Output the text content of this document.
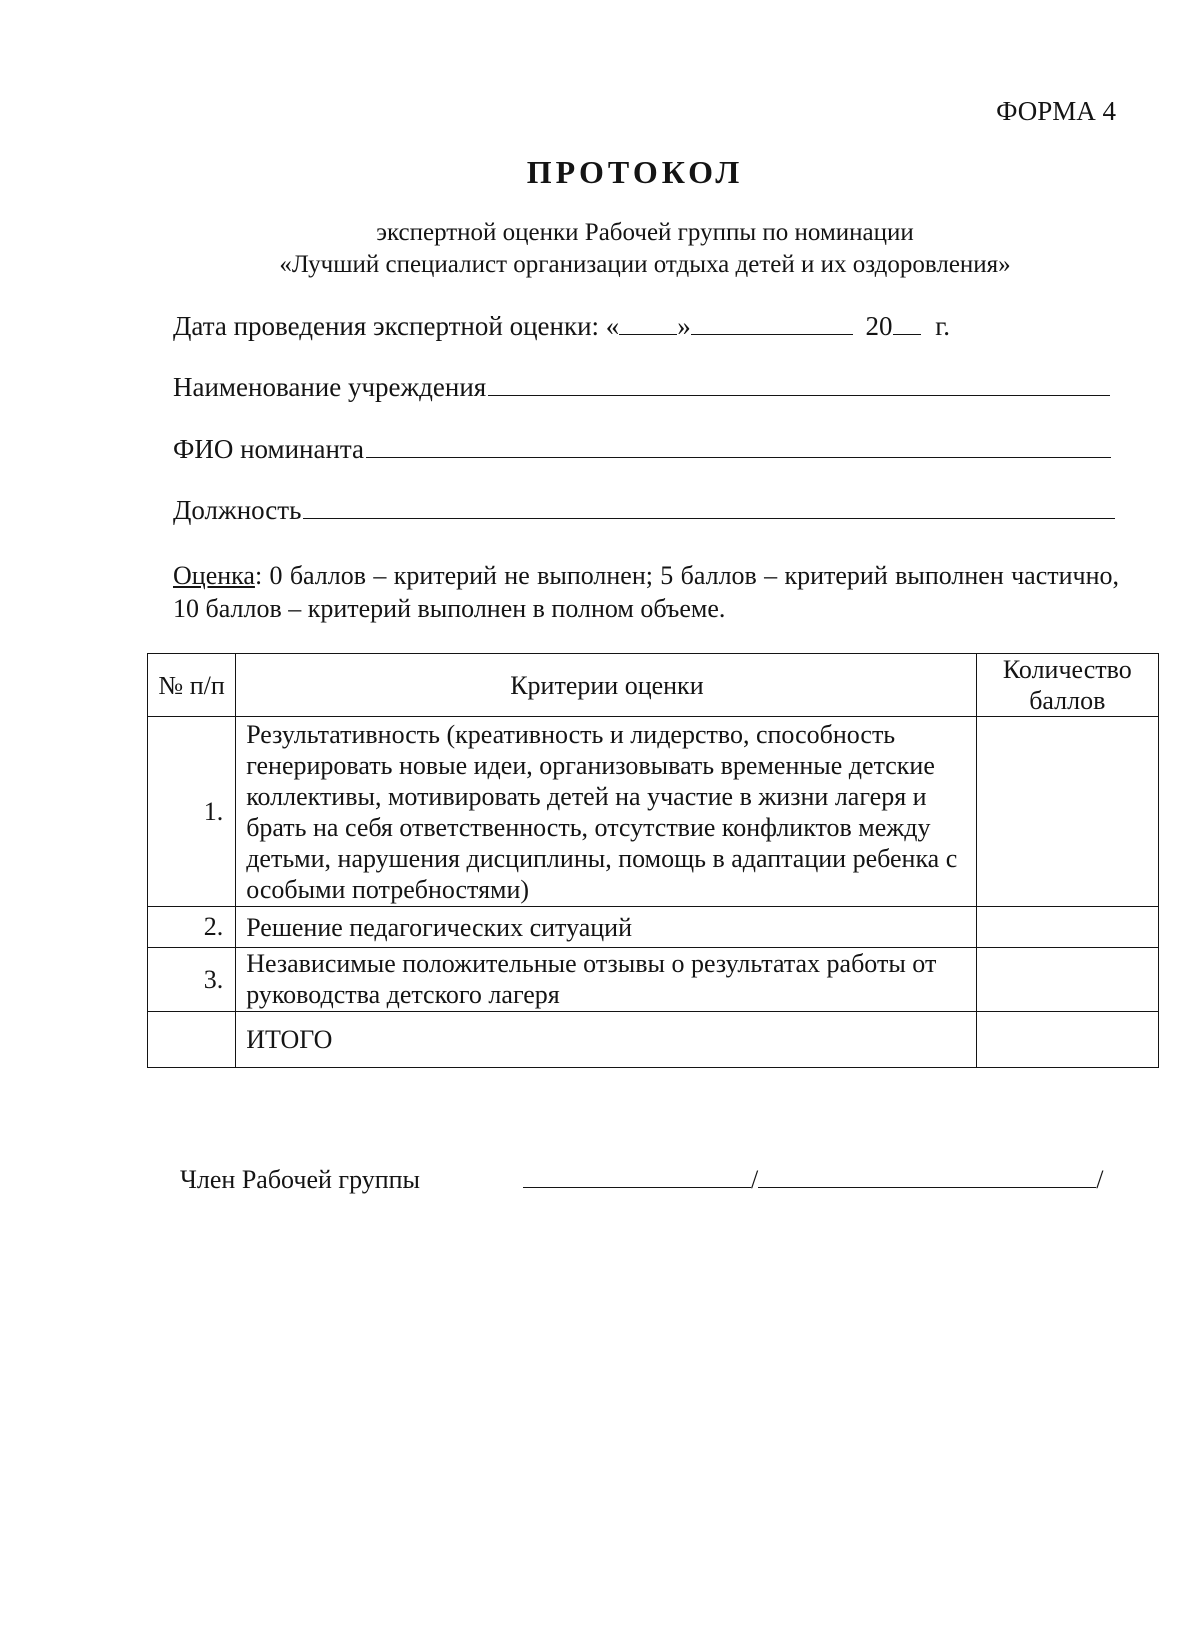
ФОРМА 4
ПРОТОКОЛ
экспертной оценки Рабочей группы по номинации
«Лучший специалист организации отдыха детей и их оздоровления»
Дата проведения экспертной оценки: « »	20 г.
Наименование учреждения
ФИО номинанта
Должность
Оценка: 0 баллов – критерий не выполнен; 5 баллов – критерий выполнен частично, 10 баллов – критерий выполнен в полном объеме.
№ п/п	Критерии оценки	Количество баллов
1.	Результативность (креативность и лидерство, способность генерировать новые идеи, организовывать временные детские коллективы, мотивировать детей на участие в жизни лагеря и брать на себя ответственность, отсутствие конфликтов между детьми, нарушения дисциплины, помощь в адаптации ребенка с особыми потребностями)	
2.	Решение педагогических ситуаций	
3.	Независимые положительные отзывы о результатах работы от руководства детского лагеря	
	ИТОГО	
Член Рабочей группы	/	/
